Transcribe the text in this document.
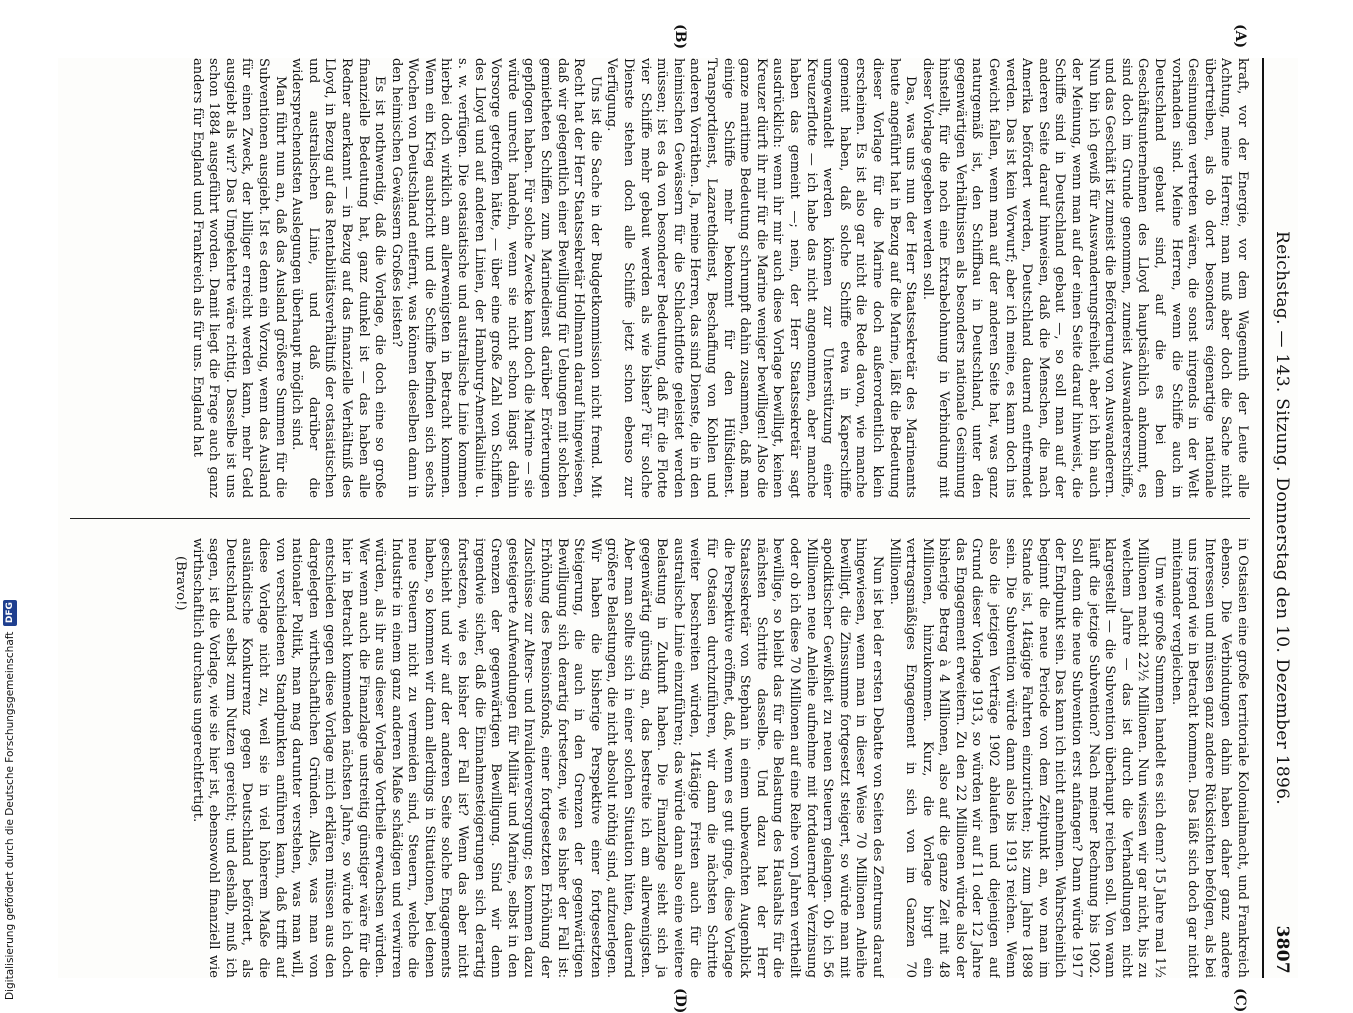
Reichstag. — 143. Sitzung. Donnerstag den 10. Dezember 1896.
3807
(A)
(B)
(C)
(D)

kraft, vor der Energie, vor dem Wagemuth der Leute alle Achtung, meine Herren; man muß aber doch die Sache nicht übertreiben, als ob dort besonders eigenartige nationale Gesinnungen vertreten wären, die sonst nirgends in der Welt vorhanden sind. Meine Herren, wenn die Schiffe auch in Deutschland gebaut sind, auf die es bei dem Geschäftsunternehmen des Lloyd hauptsächlich ankommt, es sind doch im Grunde genommen, zumeist Auswandererschiffe, und das Geschäft ist zumeist die Beförderung von Auswanderern. Nun bin ich gewiß für Auswanderungsfreiheit, aber ich bin auch der Meinung, wenn man auf der einen Seite darauf hinweist, die Schiffe sind in Deutschland gebaut —, so soll man auf der anderen Seite darauf hinweisen, daß die Menschen, die nach Amerika befördert werden, Deutschland dauernd entfremdet werden. Das ist kein Vorwurf; aber ich meine, es kann doch ins Gewicht fallen, wenn man auf der anderen Seite hat, was ganz naturgemäß ist, den Schiffbau in Deutschland, unter den gegenwärtigen Verhältnissen als besonders nationale Gesinnung hinstellt, für die noch eine Extrabelohnung in Verbindung mit dieser Vorlage gegeben werden soll.

Das, was uns nun der Herr Staatssekretär des Marineamts heute angeführt hat in Bezug auf die Marine, läßt die Bedeutung dieser Vorlage für die Marine doch außerordentlich klein erscheinen. Es ist also gar nicht die Rede davon, wie manche gemeint haben, daß solche Schiffe etwa in Kaperschiffe umgewandelt werden können zur Unterstützung einer Kreuzerflotte — ich habe das nicht angenommen, aber manche haben das gemeint —; nein, der Herr Staatssekretär sagt ausdrücklich: wenn ihr mir auch diese Vorlage bewilligt, keinen Kreuzer dürft ihr mir für die Marine weniger bewilligen! Also die ganze maritime Bedeutung schrumpft dahin zusammen, daß man einige Schiffe mehr bekommt für den Hülfsdienst. Transportdienst, Lazarethdienst, Beschaffung von Kohlen und anderen Vorräthen. Ja, meine Herren, das sind Dienste, die in den heimischen Gewässern für die Schlachtflotte geleistet werden müssen; ist es da von besonderer Bedeutung, daß für die Flotte vier Schiffe mehr gebaut werden als wie bisher? Für solche Dienste stehen doch alle Schiffe jetzt schon ebenso zur Verfügung.

Uns ist die Sache in der Budgetkommission nicht fremd. Mit Recht hat der Herr Staatssekretär Hollmann darauf hingewiesen, daß wir gelegentlich einer Bewilligung für Uebungen mit solchen gemietheten Schiffen zum Marinedienst darüber Erörterungen gepflogen haben. Für solche Zwecke kann doch die Marine — sie würde unrecht handeln, wenn sie nicht schon längst dahin Vorsorge getroffen hätte, — über eine große Zahl von Schiffen des Lloyd und auf anderen Linien, der Hamburg-Amerikalinie u. s. w. verfügen. Die ostasiatische und australische Linie kommen hierbei doch wirklich am allerwenigsten in Betracht kommen. Wenn ein Krieg ausbricht und die Schiffe befinden sich sechs Wochen von Deutschland entfernt, was können dieselben dann in den heimischen Gewässern Großes leisten?

Es ist nothwendig, daß die Vorlage, die doch eine so große finanzielle Bedeutung hat, ganz dunkel ist — das haben alle Redner anerkannt — in Bezug auf das finanzielle Verhältniß des Lloyd, in Bezug auf das Rentabilitätsverhältniß der ostasiatischen und australischen Linie, und daß darüber die widersprechendsten Auslegungen überhaupt möglich sind.

Man führt nun an, daß das Ausland größere Summen für die Subventionen ausgiebt. Ist es denn ein Vorzug, wenn das Ausland für einen Zweck, der billiger erreicht werden kann, mehr Geld ausgiebt als wir? Das Umgekehrte wäre richtig. Dasselbe ist uns schon 1884 ausgeführt worden. Damit liegt die Frage auch ganz anders für England und Frankreich als für uns. England hat

in Ostasien eine große territoriale Kolonialmacht, und Frankreich ebenso. Die Verbindungen dahin haben daher ganz andere Interessen und müssen ganz andere Rücksichten befolgen, als bei uns irgend wie in Betracht kommen. Das läßt sich doch gar nicht miteinander vergleichen.

Um wie große Summen handelt es sich denn? 15 Jahre mal 1½ Millionen macht 22½ Millionen. Nun wissen wir gar nicht, bis zu welchem Jahre — das ist durch die Verhandlungen nicht klargestellt — die Subvention überhaupt reichen soll. Von wann läuft die jetzige Subvention? Nach meiner Rechnung bis 1902. Soll denn die neue Subvention erst anfangen? Dann würde 1917 der Endpunkt sein. Das kann ich nicht annehmen. Wahrscheinlich beginnt die neue Periode von dem Zeitpunkt an, wo man im Stande ist, 14tägige Fahrten einzurichten; bis zum Jahre 1898 sein. Die Subvention würde dann also bis 1913 reichen. Wenn also die jetzigen Verträge 1902 ablaufen und diejenigen auf Grund dieser Vorlage 1913, so würden wir auf 11 oder 12 Jahre das Engagement erweitern. Zu den 22 Millionen würde also der bisherige Betrag à 4 Millionen, also auf die ganze Zeit mit 48 Millionen, hinzukommen. Kurz, die Vorlage birgt ein vertragsmäßiges Engagement in sich von im Ganzen 70 Millionen.

Nun ist bei der ersten Debatte von Seiten des Zentrums darauf hingewiesen, wenn man in dieser Weise 70 Millionen Anleihe bewilligt, die Zinssumme fortgesetzt steigert, so würde man mit apodiktischer Gewißheit zu neuen Steuern gelangen. Ob ich 56 Millionen neue Anleihe aufnehme mit fortdauernder Verzinsung oder ob ich diese 70 Millionen auf eine Reihe von Jahren vertheilt bewillige, so bleibt das für die Belastung des Haushalts für die nächsten Schritte dasselbe. Und dazu hat der Herr Staatssekretär von Stephan in einem unbewachten Augenblick die Perspektive eröffnet, daß, wenn es gut ginge, diese Vorlage für Ostasien durchzuführen, wir dann die nächsten Schritte weiter beschreiten würden, 14tägige Fristen auch für die australische Linie einzuführen; das würde dann also eine weitere Belastung in Zukunft haben. Die Finanzlage sieht sich ja gegenwärtig günstig an, das bestreite ich am allerwenigsten. Aber man sollte sich in einer solchen Situation hüten, dauernd größere Belastungen, die nicht absolut nöthig sind, aufzuerlegen. Wir haben die bisherige Perspektive einer fortgesetzten Steigerung, die auch in den Grenzen der gegenwärtigen Bewilligung sich derartig fortsetzen, wie es bisher der Fall ist: Erhöhung des Pensionsfonds, einer fortgesetzten Erhöhung der Zuschüsse zur Alters- und Invalidenversorgung; es kommen dazu gesteigerte Aufwendungen für Militär und Marine, selbst in den Grenzen der gegenwärtigen Bewilligung. Sind wir denn irgendwie sicher, daß die Einnahmesteigerungen sich derartig fortsetzen, wie es bisher der Fall ist? Wenn das aber nicht geschieht und wir auf der anderen Seite solche Engagements haben, so kommen wir dann allerdings in Situationen, bei denen neue Steuern nicht zu vermeiden sind, Steuern, welche die Industrie in einem ganz anderen Maße schädigen und verwirren würden, als ihr aus dieser Vorlage Vortheile erwachsen würden. Wer wenn auch die Finanzlage unstreitig günstiger wäre für die hier in Betracht kommenden nächsten Jahre, so würde ich doch entschieden gegen diese Vorlage mich erklären müssen aus den dargelegten wirthschaftlichen Gründen. Alles, was man von nationaler Politik, man mag darunter verstehen, was man will, von verschiedenen Standpunkten anführen kann, daß trifft auf diese Vorlage nicht zu, weil sie in viel höherem Maße die ausländische Konkurrenz gegen Deutschland befördert, als Deutschland selbst zum Nutzen gereicht; und deshalb, muß ich sagen, ist die Vorlage, wie sie hier ist, ebensowohl finanziell wie wirthschaftlich durchaus ungerechtfertigt.

(Bravo!)

Digitalisierung gefördert durch die Deutsche Forschungsgemeinschaft
DFG
